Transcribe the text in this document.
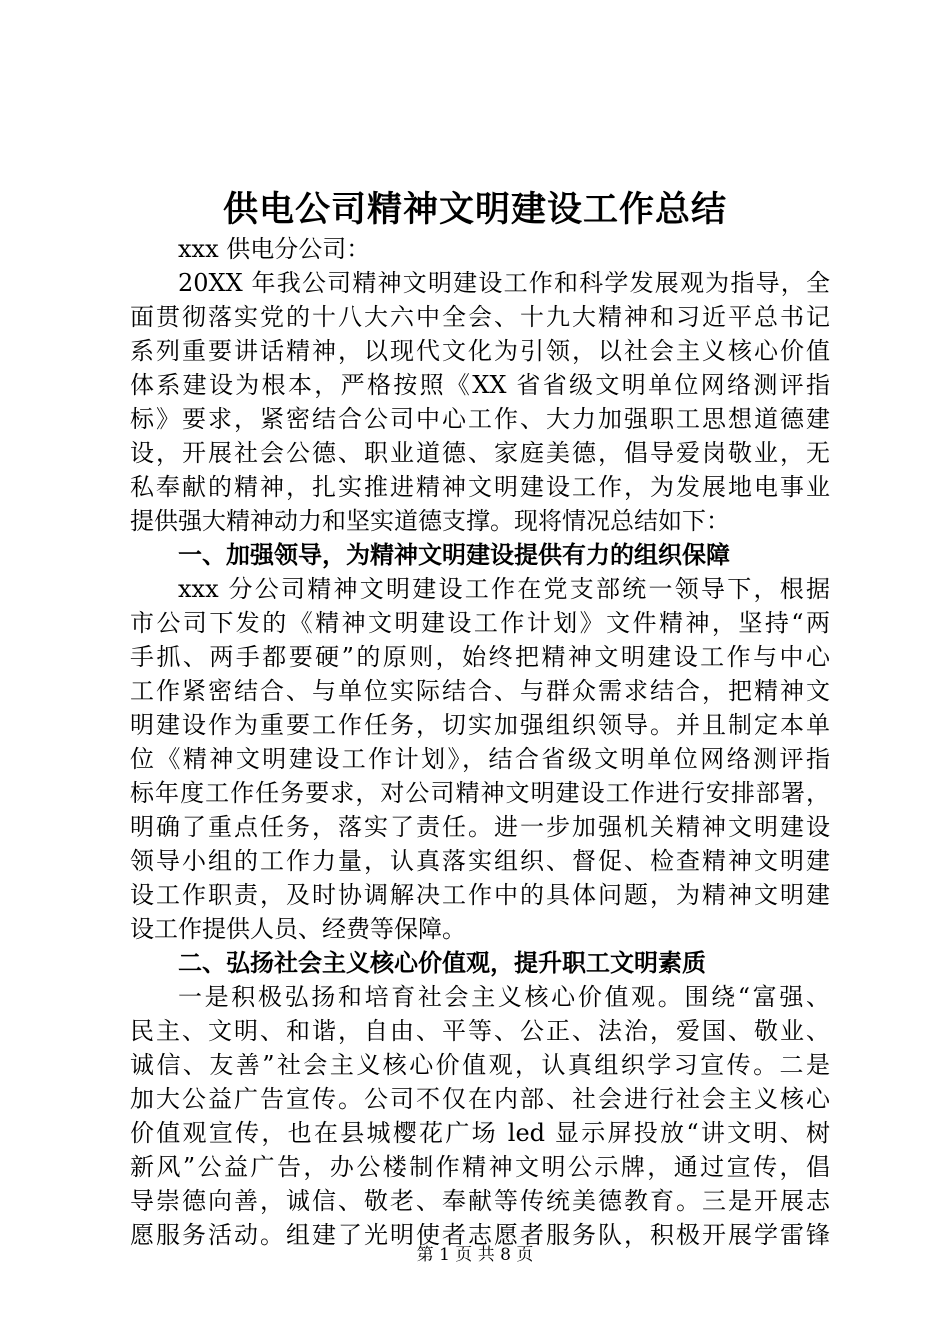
供电公司精神文明建设工作总结
xxx 供电分公司：
20XX 年我公司精神文明建设工作和科学发展观为指导，全
面贯彻落实党的十八大六中全会、十九大精神和习近平总书记
系列重要讲话精神，以现代文化为引领，以社会主义核心价值
体系建设为根本，严格按照《XX 省省级文明单位网络测评指
标》要求，紧密结合公司中心工作、大力加强职工思想道德建
设，开展社会公德、职业道德、家庭美德，倡导爱岗敬业，无
私奉献的精神，扎实推进精神文明建设工作，为发展地电事业
提供强大精神动力和坚实道德支撑。现将情况总结如下：
一、加强领导，为精神文明建设提供有力的组织保障
xxx 分公司精神文明建设工作在党支部统一领导下，根据
市公司下发的《精神文明建设工作计划》文件精神，坚持“两
手抓、两手都要硬”的原则，始终把精神文明建设工作与中心
工作紧密结合、与单位实际结合、与群众需求结合，把精神文
明建设作为重要工作任务，切实加强组织领导。并且制定本单
位《精神文明建设工作计划》，结合省级文明单位网络测评指
标年度工作任务要求，对公司精神文明建设工作进行安排部署，
明确了重点任务，落实了责任。进一步加强机关精神文明建设
领导小组的工作力量，认真落实组织、督促、检查精神文明建
设工作职责，及时协调解决工作中的具体问题，为精神文明建
设工作提供人员、经费等保障。
二、弘扬社会主义核心价值观，提升职工文明素质
一是积极弘扬和培育社会主义核心价值观。围绕“富强、
民主、文明、和谐，自由、平等、公正、法治，爱国、敬业、
诚信、友善”社会主义核心价值观，认真组织学习宣传。二是
加大公益广告宣传。公司不仅在内部、社会进行社会主义核心
价值观宣传，也在县城樱花广场 led 显示屏投放“讲文明、树
新风”公益广告，办公楼制作精神文明公示牌，通过宣传，倡
导崇德向善，诚信、敬老、奉献等传统美德教育。三是开展志
愿服务活动。组建了光明使者志愿者服务队，积极开展学雷锋
第 1 页 共 8 页
